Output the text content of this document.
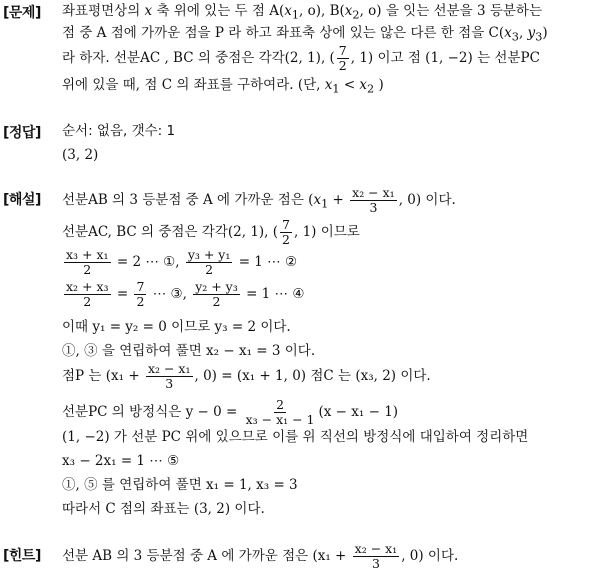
[문제]
[정답]
[해설]
[힌트]
좌표평면상의 x 축 위에 있는 두 점 $A(x_1$, o), $B(x_2$, o) 을 잇는 선분을 3 등분하는
점 중 A 점에 가까운 점을 P 라 하고 좌표축 상에 있는 않은 다른 한 점을 $C(x_3$, $y_3$)
라 하자. 선분AC , BC 의 중점은 각각(2, 1), ( $\frac{7}{2}$ , 1) 이고 점 (1, −2) 는 선분PC
위에 있을 때, 점 C 의 좌표를 구하여라. (단, $x_1 < x_2$ )
순서: 없음, 갯수: 1
(3, 2)
선분AB 의 3 등분점 중 A 에 가까운 점은 ($x_1 + \frac{\text{x₂ − x₁}}{3}$ , 0) 이다.
선분AC, BC 의 중점은 각각(2, 1), ( $\frac{7}{2}$ , 1) 이므로
$\frac{\text{x₃ + x₁}}{2} = 2$ ⋯ ①, $\frac{\text{y₃ + y₁}}{2} = 1$ ⋯ ②
$\frac{\text{x₂ + x₃}}{2} = \frac{7}{2}$ ⋯ ③, $\frac{\text{y₂ + y₃}}{2} = 1$ ⋯ ④
이때 y₁ = y₂ = 0 이므로 y₃ = 2 이다.
①, ③ 을 연립하여 풀면 x₂ − x₁ = 3 이다.
점P 는 ($x_1 + \frac{\text{x₂ − x₁}}{3}$ , 0) = (x₁ + 1, 0) 점C 는 (x₃, 2) 이다.
선분PC 의 방정식은 $y - 0 = \frac{2}{\text{x₃ − x₁ − 1}} (x - x_1 - 1)$
(1, −2) 가 선분 PC 위에 있으므로 이를 위 직선의 방정식에 대입하여 정리하면
x₃ − 2x₁ = 1 ⋯ ⑤
①, ⑤ 를 연립하여 풀면 x₁ = 1, x₃ = 3
따라서 C 점의 좌표는 (3, 2) 이다.
선분 AB 의 3 등분점 중 A 에 가까운 점은 ($x_1 + \frac{\text{x₂ − x₁}}{3}$ , 0) 이다.
